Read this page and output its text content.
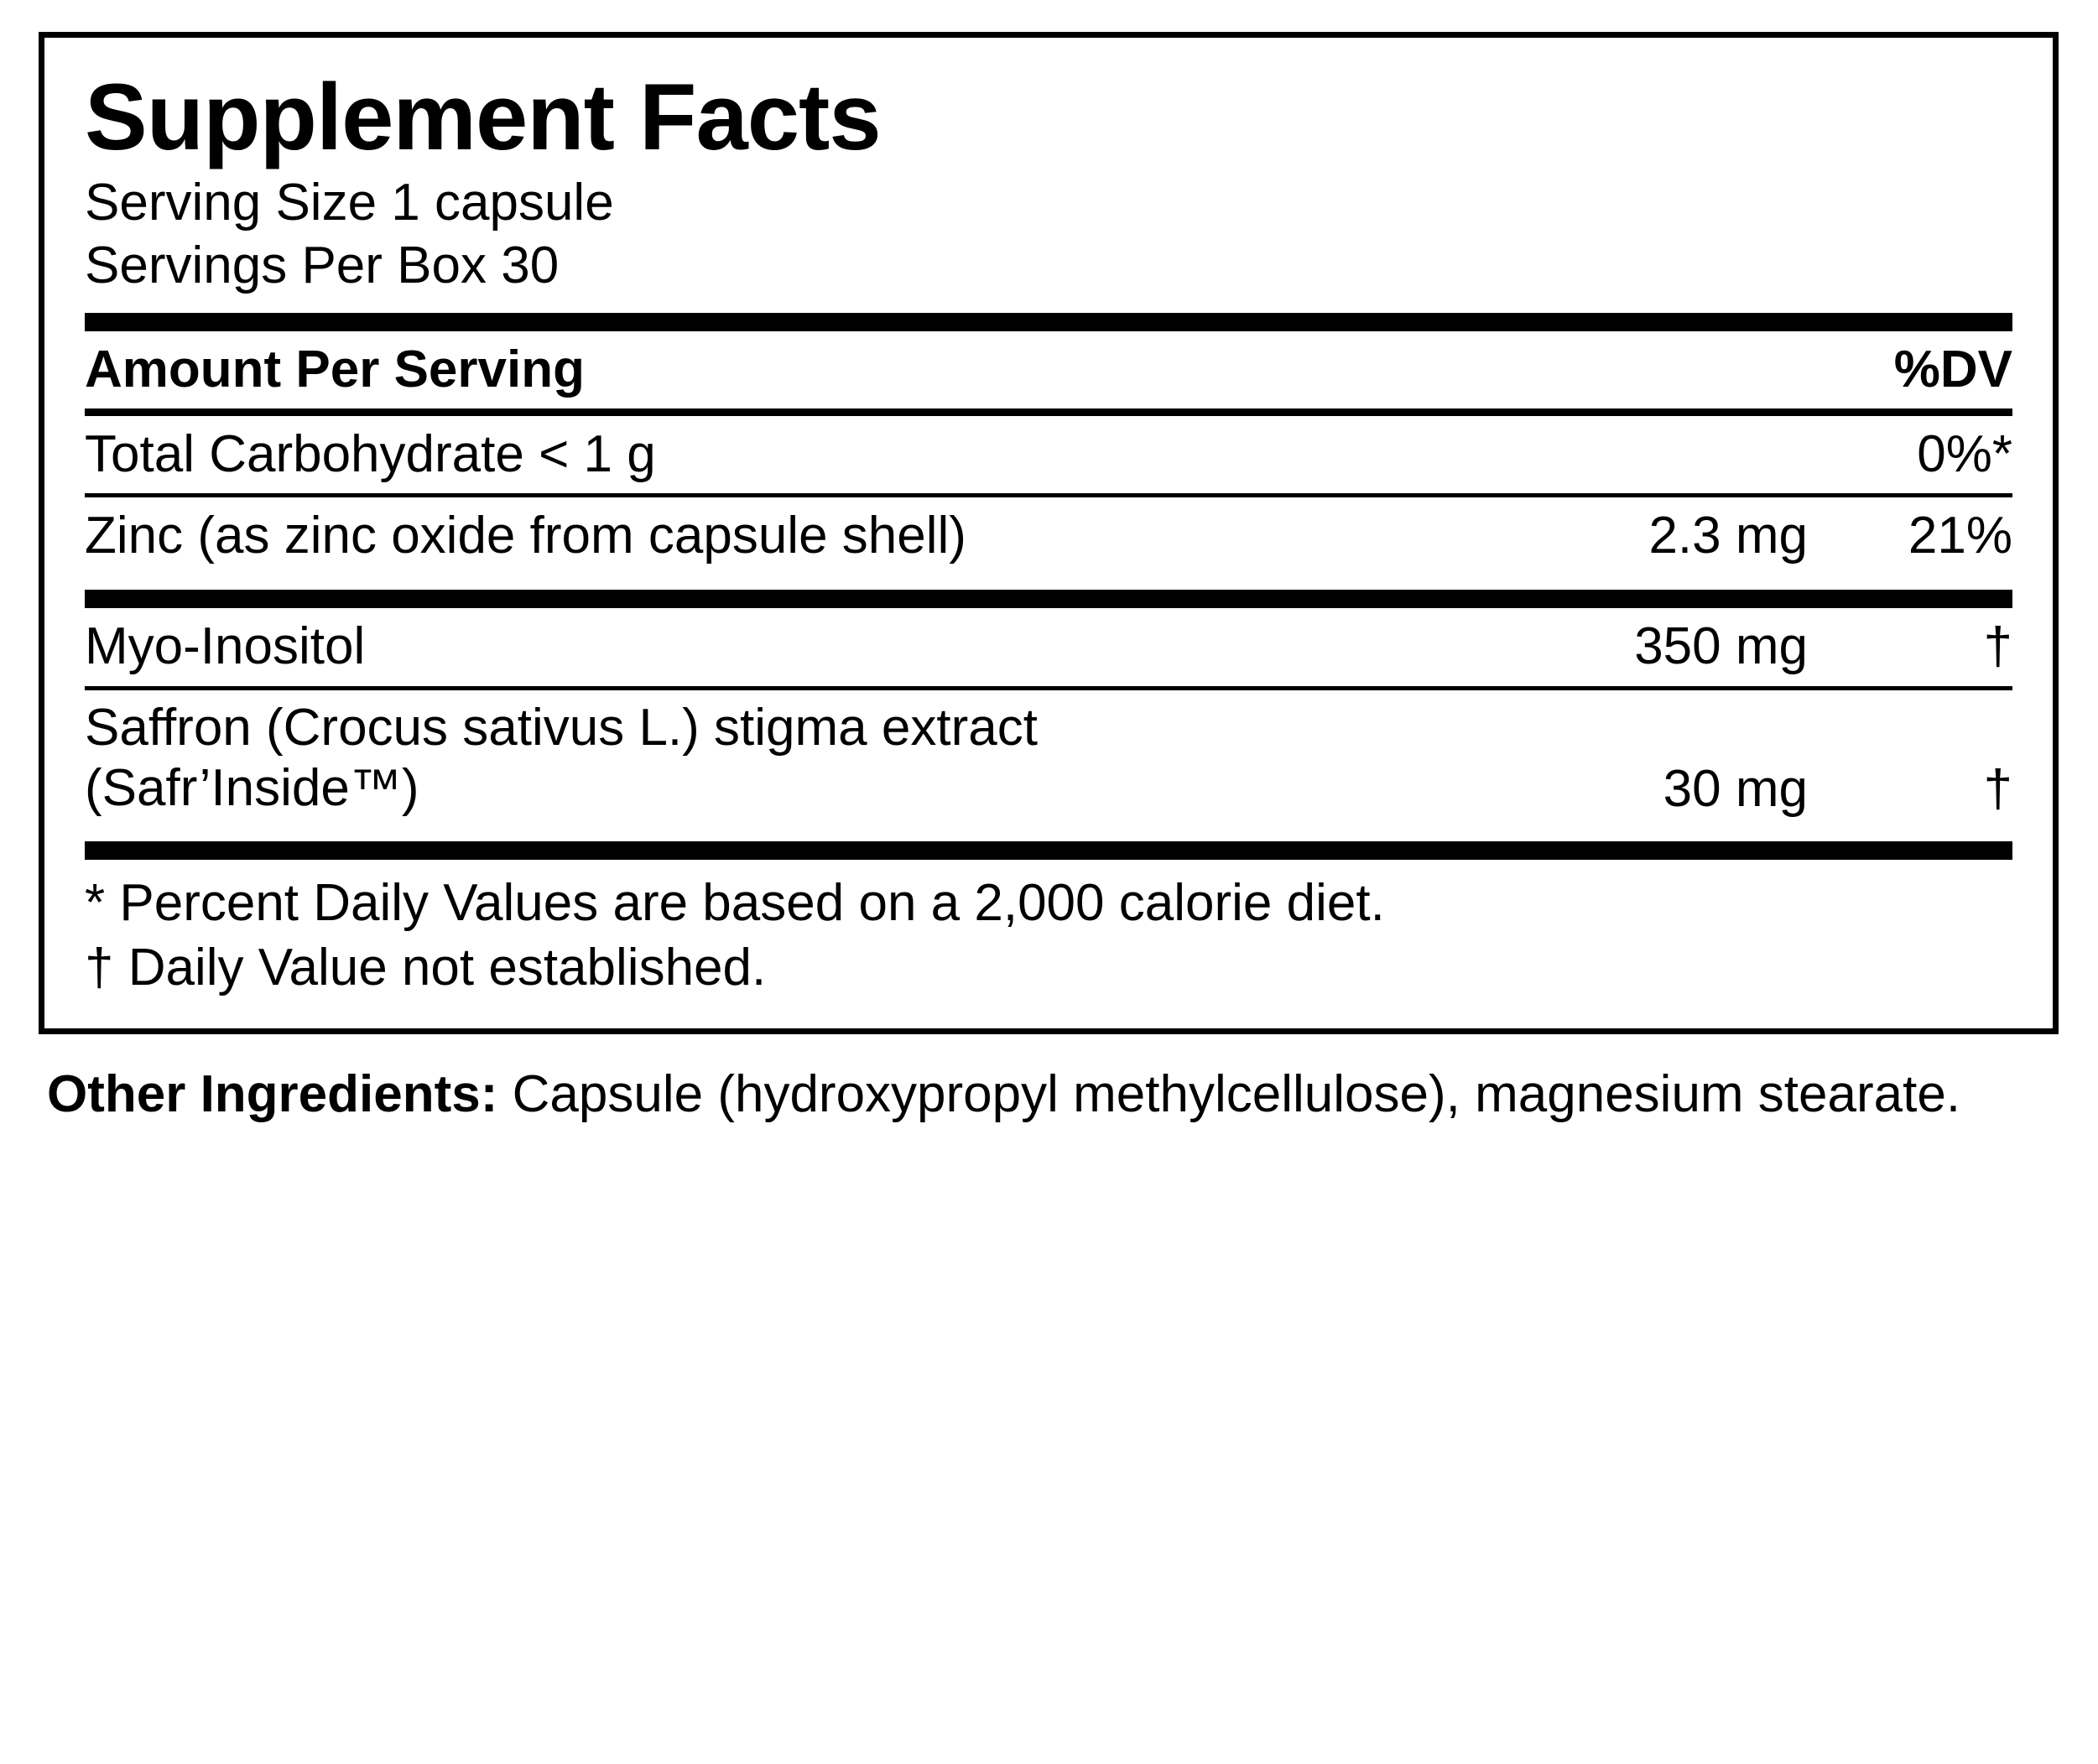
Supplement Facts
Serving Size 1 capsule
Servings Per Box 30
Amount Per Serving	%DV
Total Carbohydrate < 1 g	0%*
Zinc (as zinc oxide from capsule shell)	2.3 mg	21%
Myo-Inositol	350 mg	†
Saffron (Crocus sativus L.) stigma extract
(Safr’Inside™)	30 mg	†
* Percent Daily Values are based on a 2,000 calorie diet.
† Daily Value not established.
Other Ingredients: Capsule (hydroxypropyl methylcellulose), magnesium stearate.
